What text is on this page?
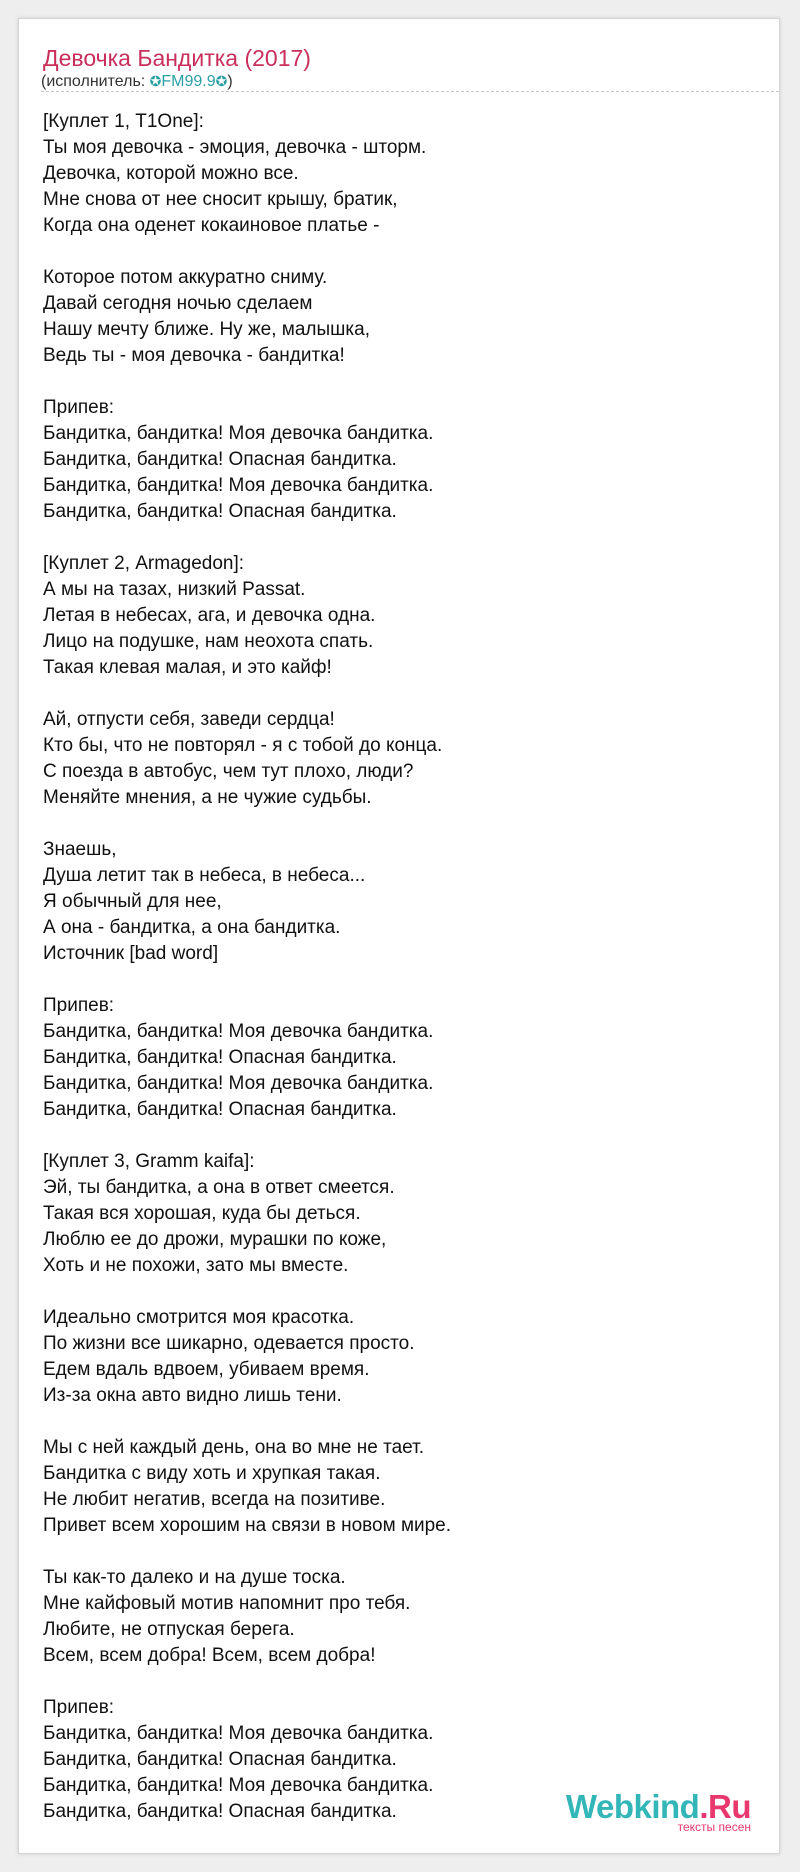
Девочка Бандитка (2017)
(исполнитель: ✪FM99.9✪)
[Куплет 1, T1One]:
Ты моя девочка - эмоция, девочка - шторм.
Девочка, которой можно все.
Мне снова от нее сносит крышу, братик,
Когда она оденет кокаиновое платье -
Которое потом аккуратно сниму.
Давай сегодня ночью сделаем
Нашу мечту ближе. Ну же, малышка,
Ведь ты - моя девочка - бандитка!
Припев:
Бандитка, бандитка! Моя девочка бандитка.
Бандитка, бандитка! Опасная бандитка.
Бандитка, бандитка! Моя девочка бандитка.
Бандитка, бандитка! Опасная бандитка.
[Куплет 2, Armagedon]:
А мы на тазах, низкий Passat.
Летая в небесах, ага, и девочка одна.
Лицо на подушке, нам неохота спать.
Такая клевая малая, и это кайф!
Ай, отпусти себя, заведи сердца!
Кто бы, что не повторял - я с тобой до конца.
С поезда в автобус, чем тут плохо, люди?
Меняйте мнения, а не чужие судьбы.
Знаешь,
Душа летит так в небеса, в небеса...
Я обычный для нее,
А она - бандитка, а она бандитка.
Источник [bad word]
Припев:
Бандитка, бандитка! Моя девочка бандитка.
Бандитка, бандитка! Опасная бандитка.
Бандитка, бандитка! Моя девочка бандитка.
Бандитка, бандитка! Опасная бандитка.
[Куплет 3, Gramm kaifa]:
Эй, ты бандитка, а она в ответ смеется.
Такая вся хорошая, куда бы деться.
Люблю ее до дрожи, мурашки по коже,
Хоть и не похожи, зато мы вместе.
Идеально смотрится моя красотка.
По жизни все шикарно, одевается просто.
Едем вдаль вдвоем, убиваем время.
Из-за окна авто видно лишь тени.
Мы с ней каждый день, она во мне не тает.
Бандитка с виду хоть и хрупкая такая.
Не любит негатив, всегда на позитиве.
Привет всем хорошим на связи в новом мире.
Ты как-то далеко и на душе тоска.
Мне кайфовый мотив напомнит про тебя.
Любите, не отпуская берега.
Всем, всем добра! Всем, всем добра!
Припев:
Бандитка, бандитка! Моя девочка бандитка.
Бандитка, бандитка! Опасная бандитка.
Бандитка, бандитка! Моя девочка бандитка.
Бандитка, бандитка! Опасная бандитка.	Webkind.Ru
тексты песен
